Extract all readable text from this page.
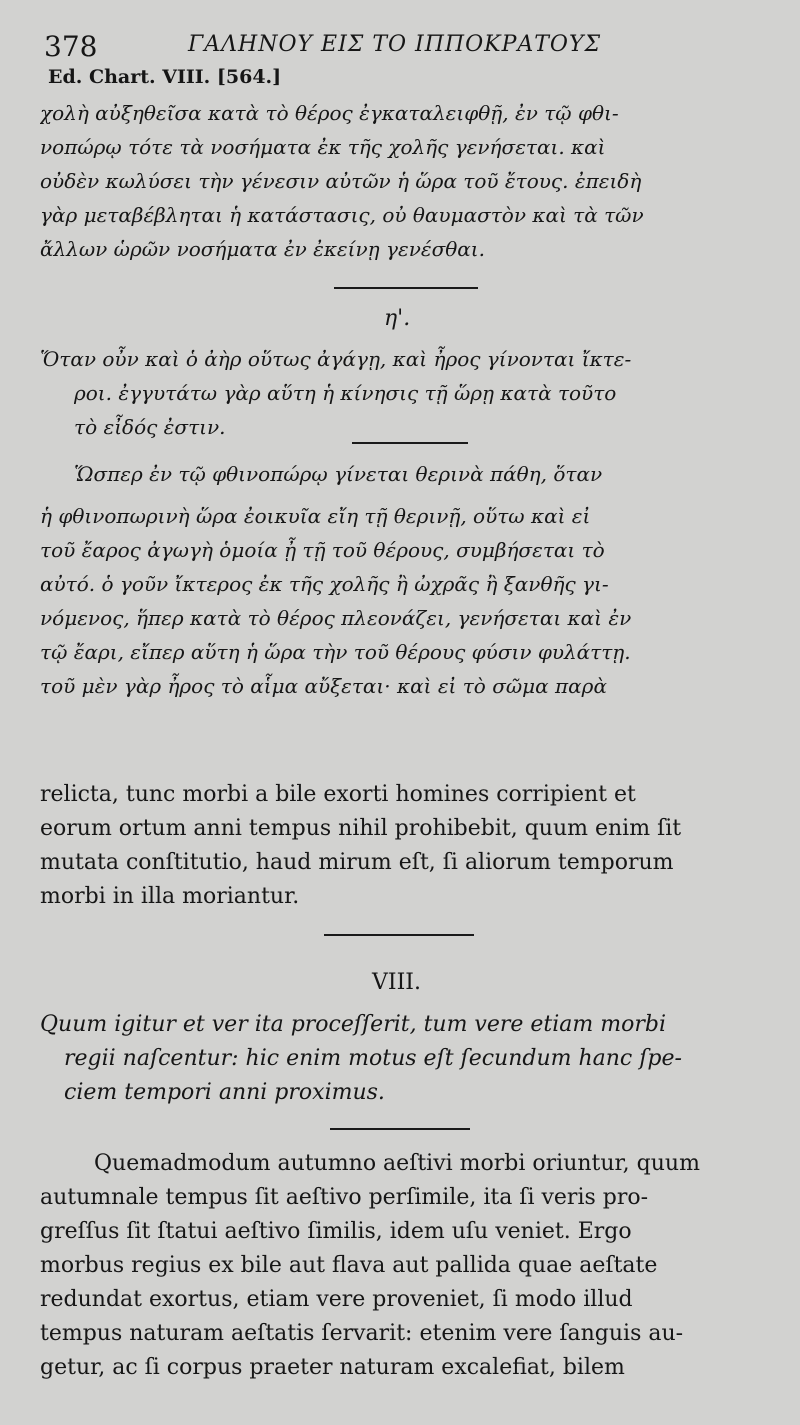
378	ΓΑΛΗΝΟΥ ΕΙΣ ΤΟ ΙΠΠΟΚΡΑΤΟΥΣ
Ed. Chart. VIII. [564.]
χολὴ αὐξηθεῖσα κατὰ τὸ θέρος ἐγκαταλειφθῇ, ἐν τῷ φθι-
νοπώρῳ τότε τὰ νοσήματα ἐκ τῆς χολῆς γενήσεται. καὶ
οὐδὲν κωλύσει τὴν γένεσιν αὐτῶν ἡ ὥρα τοῦ ἔτους. ἐπειδὴ
γὰρ μεταβέβληται ἡ κατάστασις, οὐ θαυμαστὸν καὶ τὰ τῶν
ἄλλων ὡρῶν νοσήματα ἐν ἐκείνῃ γενέσθαι.
η'.
Ὅταν οὖν καὶ ὁ ἀὴρ οὕτως ἀγάγῃ, καὶ ἦρος γίνονται ἴκτε-
ροι. ἐγγυτάτω γὰρ αὕτη ἡ κίνησις τῇ ὥρῃ κατὰ τοῦτο
τὸ εἶδός ἐστιν.
Ὥσπερ ἐν τῷ φθινοπώρῳ γίνεται θερινὰ πάθη, ὅταν
ἡ φθινοπωρινὴ ὥρα ἐοικυῖα εἴη τῇ θερινῇ, οὕτω καὶ εἰ
τοῦ ἔαρος ἀγωγὴ ὁμοία ᾖ τῇ τοῦ θέρους, συμβήσεται τὸ
αὐτό. ὁ γοῦν ἴκτερος ἐκ τῆς χολῆς ἢ ὠχρᾶς ἢ ξανθῆς γι-
νόμενος, ἥπερ κατὰ τὸ θέρος πλεονάζει, γενήσεται καὶ ἐν
τῷ ἔαρι, εἴπερ αὕτη ἡ ὥρα τὴν τοῦ θέρους φύσιν φυλάττῃ.
τοῦ μὲν γὰρ ἦρος τὸ αἷμα αὔξεται· καὶ εἰ τὸ σῶμα παρὰ
relicta, tunc morbi a bile exorti homines corripient et
eorum ortum anni tempus nihil prohibebit, quum enim ſit
mutata conſtitutio, haud mirum eſt, ſi aliorum temporum
morbi in illa moriantur.
VIII.
Quum igitur et ver ita proceſſerit, tum vere etiam morbi
regii naſcentur: hic enim motus eſt ſecundum hanc ſpe-
ciem tempori anni proximus.
Quemadmodum autumno aeſtivi morbi oriuntur, quum
autumnale tempus ſit aeſtivo perſimile, ita ſi veris pro-
greſſus ſit ſtatui aeſtivo ſimilis, idem uſu veniet. Ergo
morbus regius ex bile aut flava aut pallida quae aeſtate
redundat exortus, etiam vere proveniet, ſi modo illud
tempus naturam aeſtatis ſervarit: etenim vere ſanguis au-
getur, ac ſi corpus praeter naturam excalefiat, bilem
